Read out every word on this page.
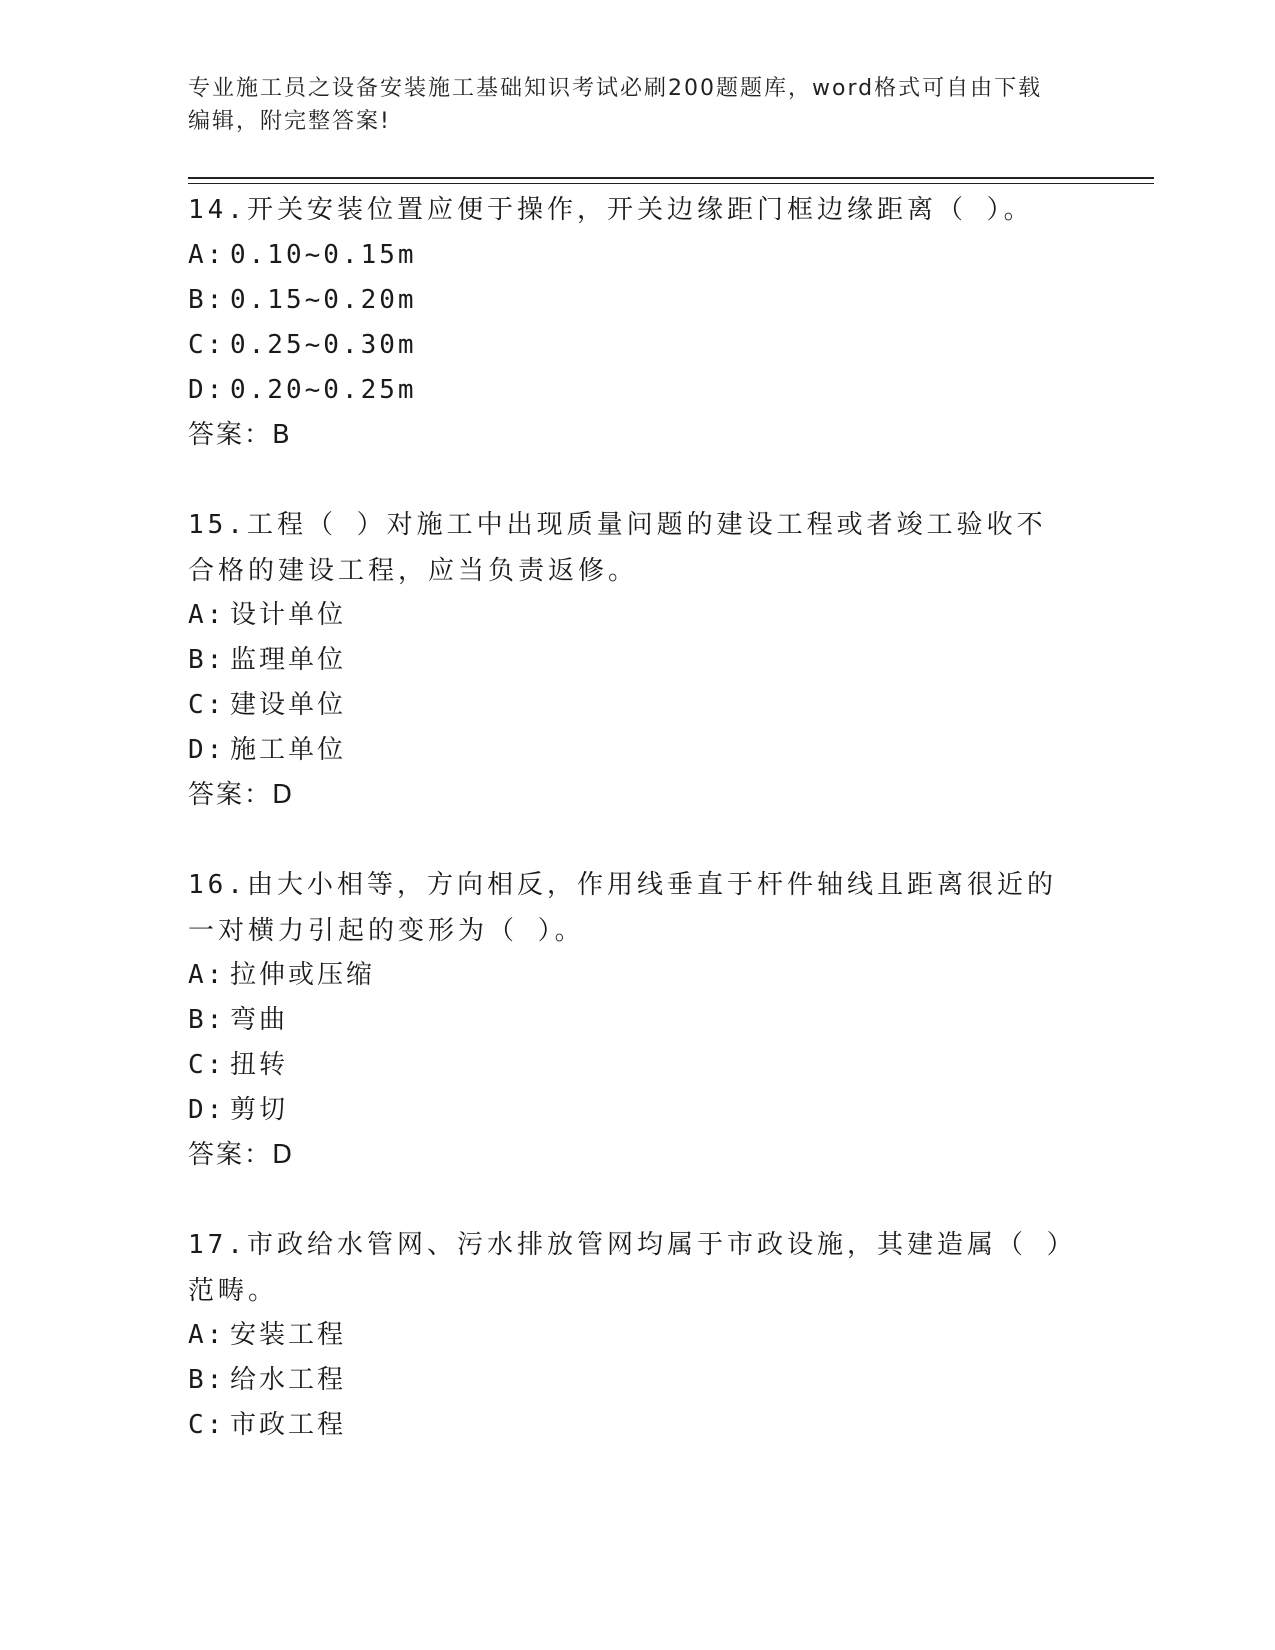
专业施工员之设备安装施工基础知识考试必刷200题题库，word格式可自由下载
编辑，附完整答案!
14.开关安装位置应便于操作，开关边缘距门框边缘距离（ ）。
A: 0.10~0.15m
B: 0.15~0.20m
C: 0.25~0.30m
D: 0.20~0.25m
答案：B
15.工程（ ）对施工中出现质量问题的建设工程或者竣工验收不合格的建设工程，应当负责返修。
A: 设计单位
B: 监理单位
C: 建设单位
D: 施工单位
答案：D
16.由大小相等，方向相反，作用线垂直于杆件轴线且距离很近的一对横力引起的变形为（ ）。
A: 拉伸或压缩
B: 弯曲
C: 扭转
D: 剪切
答案：D
17.市政给水管网、污水排放管网均属于市政设施，其建造属（ ）范畴。
A: 安装工程
B: 给水工程
C: 市政工程
